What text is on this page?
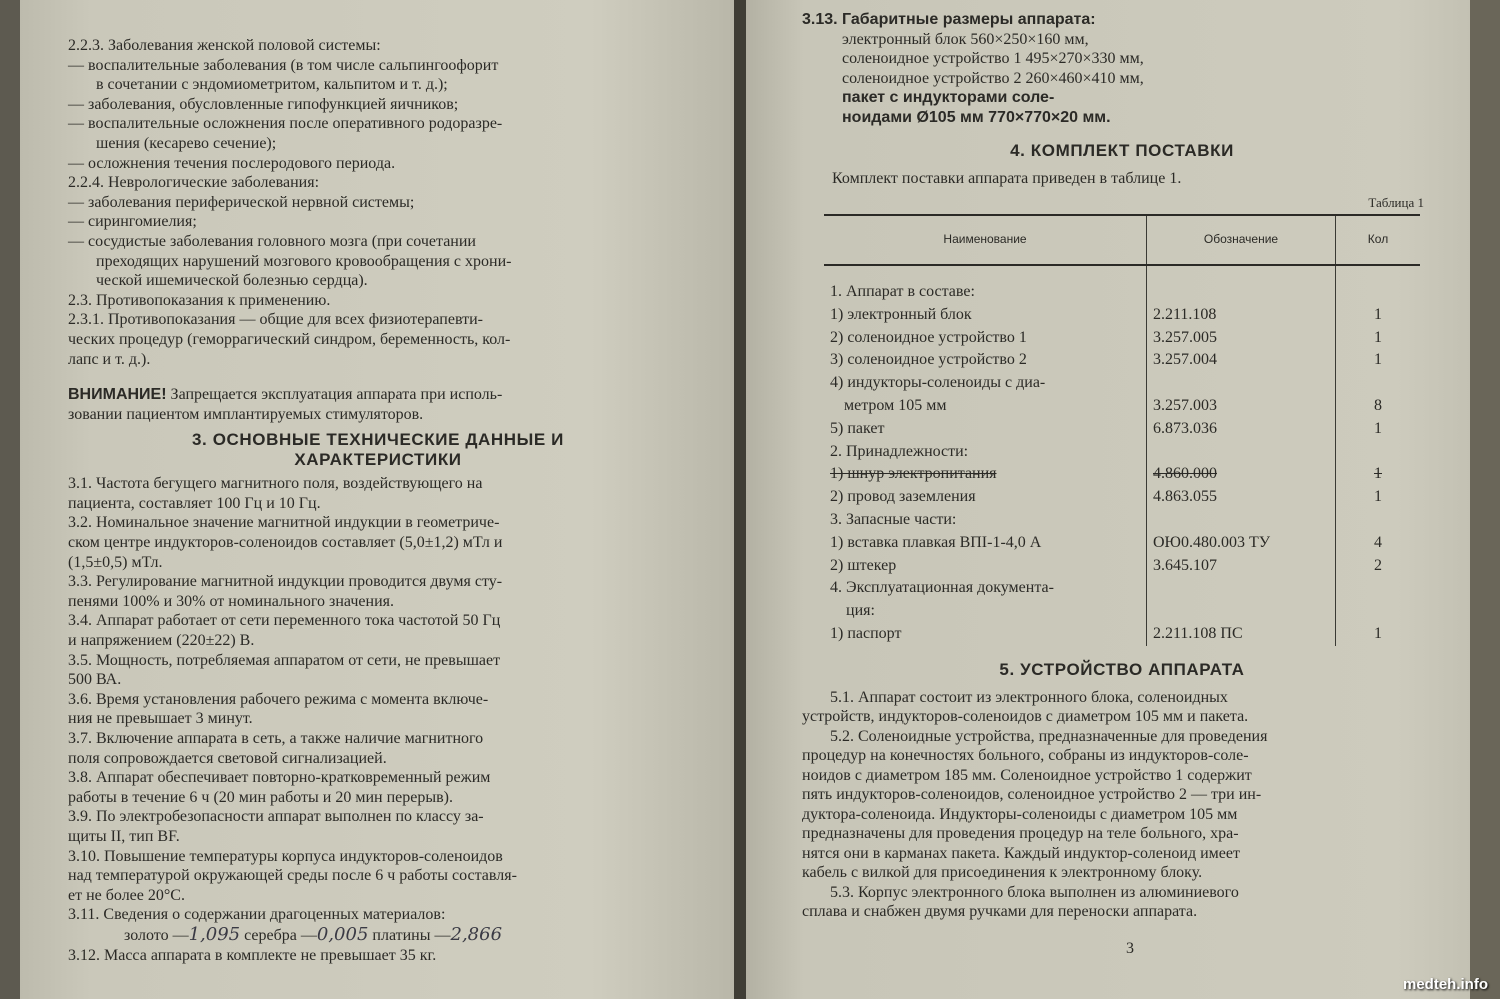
2.2.3. Заболевания женской половой системы:

— воспалительные заболевания (в том числе сальпингоофорит

в сочетании с эндомиометритом, кальпитом и т. д.);

— заболевания, обусловленные гипофункцией яичников;

— воспалительные осложнения после оперативного родоразре-

шения (кесарево сечение);

— осложнения течения послеродового периода.

2.2.4. Неврологические заболевания:

— заболевания периферической нервной системы;

— сирингомиелия;

— сосудистые заболевания головного мозга (при сочетании

преходящих нарушений мозгового кровообращения с хрони-

ческой ишемической болезнью сердца).

2.3. Противопоказания к применению.

2.3.1. Противопоказания — общие для всех физиотерапевти-

ческих процедур (геморрагический синдром, беременность, кол-

лапс и т. д.).

ВНИМАНИЕ! Запрещается эксплуатация аппарата при исполь-

зовании пациентом имплантируемых стимуляторов.

3. ОСНОВНЫЕ ТЕХНИЧЕСКИЕ ДАННЫЕ И
ХАРАКТЕРИСТИКИ

3.1. Частота бегущего магнитного поля, воздействующего на

пациента, составляет 100 Гц и 10 Гц.

3.2. Номинальное значение магнитной индукции в геометриче-

ском центре индукторов-соленоидов составляет (5,0±1,2) мТл и

(1,5±0,5) мТл.

3.3. Регулирование магнитной индукции проводится двумя сту-

пенями 100% и 30% от номинального значения.

3.4. Аппарат работает от сети переменного тока частотой 50 Гц

и напряжением (220±22) В.

3.5. Мощность, потребляемая аппаратом от сети, не превышает

500 ВА.

3.6. Время установления рабочего режима с момента включе-

ния не превышает 3 минут.

3.7. Включение аппарата в сеть, а также наличие магнитного

поля сопровождается световой сигнализацией.

3.8. Аппарат обеспечивает повторно-кратковременный режим

работы в течение 6 ч (20 мин работы и 20 мин перерыв).

3.9. По электробезопасности аппарат выполнен по классу за-

щиты II, тип BF.

3.10. Повышение температуры корпуса индукторов-соленоидов

над температурой окружающей среды после 6 ч работы составля-

ет не более 20°С.

3.11. Сведения о содержании драгоценных материалов:

золото —1,095 серебра —0,005 платины —2,866

3.12. Масса аппарата в комплекте не превышает 35 кг.

3.13. Габаритные размеры аппарата:

электронный блок 560×250×160 мм,

соленоидное устройство 1 495×270×330 мм,

соленоидное устройство 2 260×460×410 мм,

пакет с индукторами соле-

ноидами Ø105 мм 770×770×20 мм.

4. КОМПЛЕКТ ПОСТАВКИ

Комплект поставки аппарата приведен в таблице 1.

Таблица 1

Наименование	Обозначение	Кол
1. Аппарат в составе:		
1) электронный блок	2.211.108	1
2) соленоидное устройство 1	3.257.005	1
3) соленоидное устройство 2	3.257.004	1
4) индукторы-соленоиды с диа-		
метром 105 мм	3.257.003	8
5) пакет	6.873.036	1
2. Принадлежности:		
1) шнур электропитания	4.860.000	1
2) провод заземления	4.863.055	1
3. Запасные части:		
1) вставка плавкая ВПІ-1-4,0 А	ОЮ0.480.003 ТУ	4
2) штекер	3.645.107	2
4. Эксплуатационная документа-		
ция:		
1) паспорт	2.211.108 ПС	1
5. УСТРОЙСТВО АППАРАТА

5.1. Аппарат состоит из электронного блока, соленоидных

устройств, индукторов-соленоидов с диаметром 105 мм и пакета.

5.2. Соленоидные устройства, предназначенные для проведения

процедур на конечностях больного, собраны из индукторов-соле-

ноидов с диаметром 185 мм. Соленоидное устройство 1 содержит

пять индукторов-соленоидов, соленоидное устройство 2 — три ин-

дуктора-соленоида. Индукторы-соленоиды с диаметром 105 мм

предназначены для проведения процедур на теле больного, хра-

нятся они в карманах пакета. Каждый индуктор-соленоид имеет

кабель с вилкой для присоединения к электронному блоку.

5.3. Корпус электронного блока выполнен из алюминиевого

сплава и снабжен двумя ручками для переноски аппарата.

3
medteh.info
